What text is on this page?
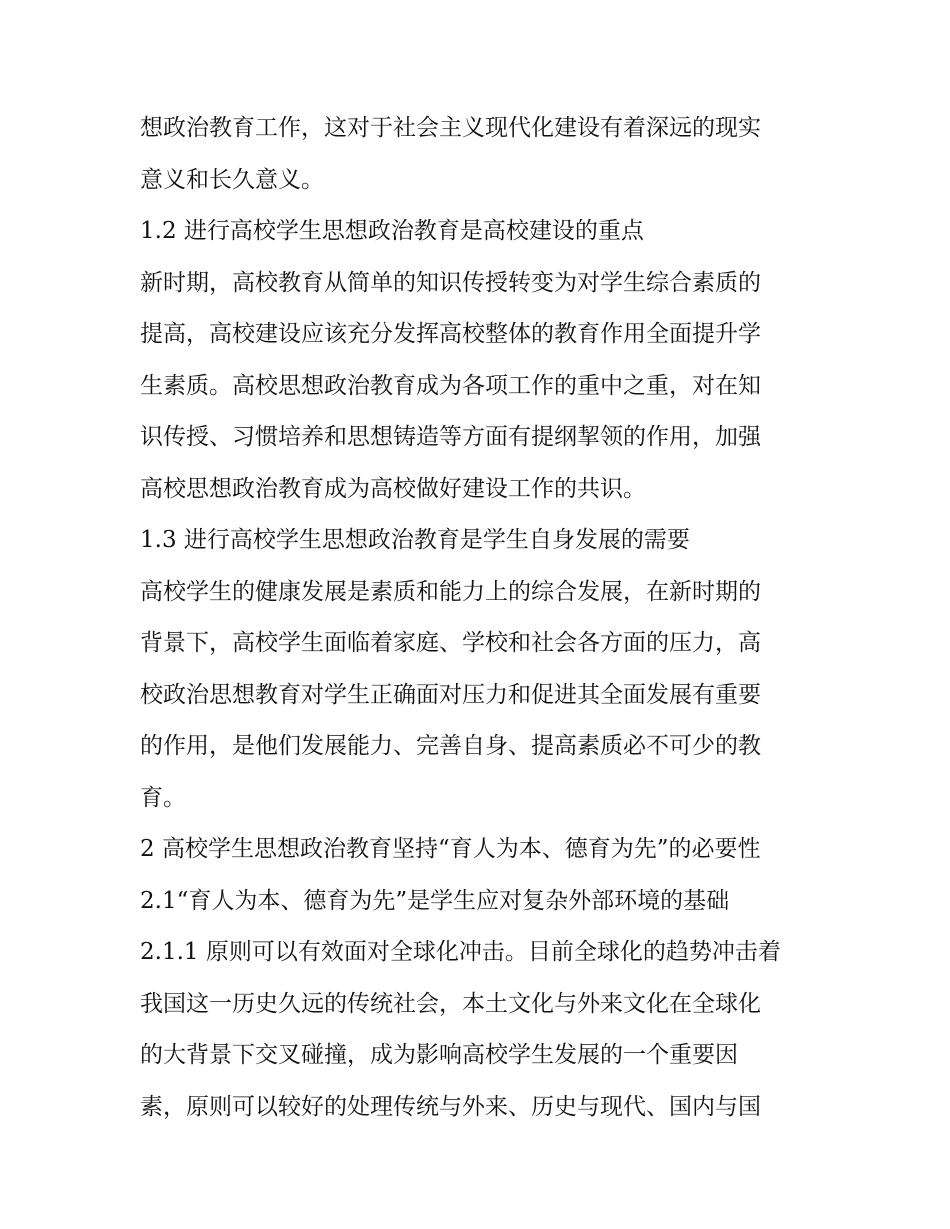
想政治教育工作，这对于社会主义现代化建设有着深远的现实
意义和长久意义。
1.2 进行高校学生思想政治教育是高校建设的重点
新时期，高校教育从简单的知识传授转变为对学生综合素质的
提高，高校建设应该充分发挥高校整体的教育作用全面提升学
生素质。高校思想政治教育成为各项工作的重中之重，对在知
识传授、习惯培养和思想铸造等方面有提纲挈领的作用，加强
高校思想政治教育成为高校做好建设工作的共识。
1.3 进行高校学生思想政治教育是学生自身发展的需要
高校学生的健康发展是素质和能力上的综合发展，在新时期的
背景下，高校学生面临着家庭、学校和社会各方面的压力，高
校政治思想教育对学生正确面对压力和促进其全面发展有重要
的作用，是他们发展能力、完善自身、提高素质必不可少的教
育。
2 高校学生思想政治教育坚持“育人为本、德育为先”的必要性
2.1“育人为本、德育为先”是学生应对复杂外部环境的基础
2.1.1 原则可以有效面对全球化冲击。目前全球化的趋势冲击着
我国这一历史久远的传统社会，本土文化与外来文化在全球化
的大背景下交叉碰撞，成为影响高校学生发展的一个重要因
素，原则可以较好的处理传统与外来、历史与现代、国内与国
